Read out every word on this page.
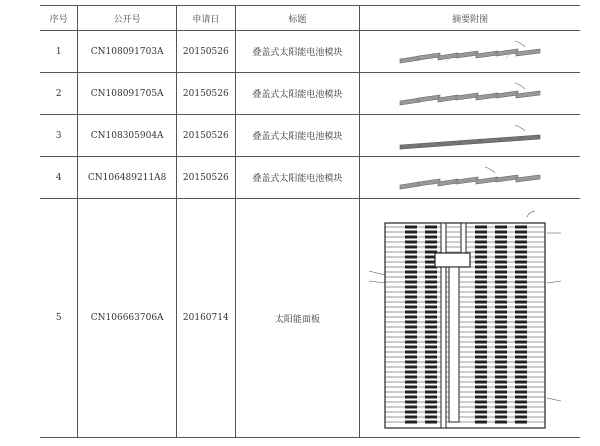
序号	公开号	申请日	标题	摘要附图
1	CN108091703A	20150526	叠盖式太阳能电池模块	

2	CN108091705A	20150526	叠盖式太阳能电池模块	

3	CN108305904A	20150526	叠盖式太阳能电池模块	

4	CN106489211A8	20150526	叠盖式太阳能电池模块	

5	CN106663706A	20160714	太阳能面板	
